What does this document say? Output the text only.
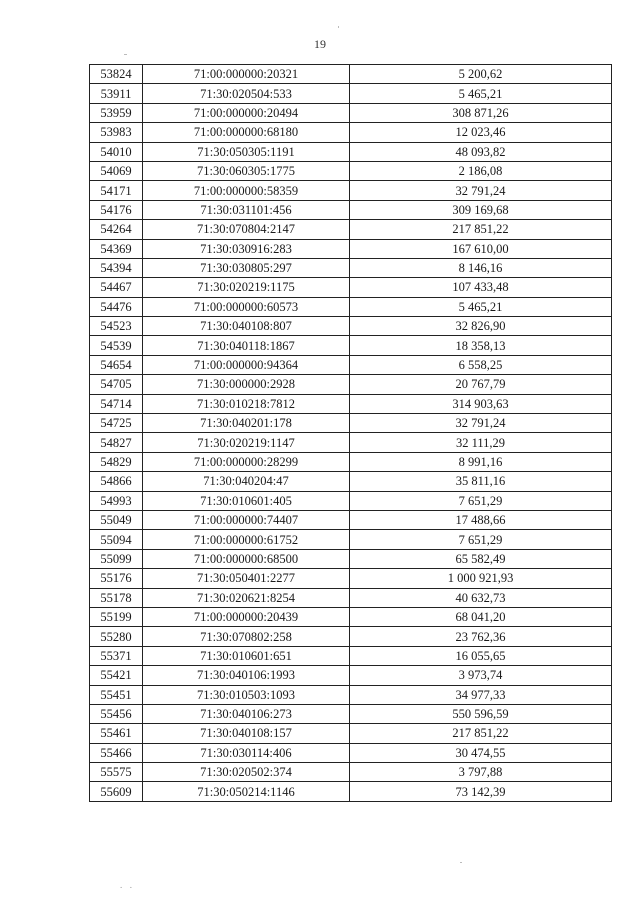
19
53824	71:00:000000:20321	5 200,62
53911	71:30:020504:533	5 465,21
53959	71:00:000000:20494	308 871,26
53983	71:00:000000:68180	12 023,46
54010	71:30:050305:1191	48 093,82
54069	71:30:060305:1775	2 186,08
54171	71:00:000000:58359	32 791,24
54176	71:30:031101:456	309 169,68
54264	71:30:070804:2147	217 851,22
54369	71:30:030916:283	167 610,00
54394	71:30:030805:297	8 146,16
54467	71:30:020219:1175	107 433,48
54476	71:00:000000:60573	5 465,21
54523	71:30:040108:807	32 826,90
54539	71:30:040118:1867	18 358,13
54654	71:00:000000:94364	6 558,25
54705	71:30:000000:2928	20 767,79
54714	71:30:010218:7812	314 903,63
54725	71:30:040201:178	32 791,24
54827	71:30:020219:1147	32 111,29
54829	71:00:000000:28299	8 991,16
54866	71:30:040204:47	35 811,16
54993	71:30:010601:405	7 651,29
55049	71:00:000000:74407	17 488,66
55094	71:00:000000:61752	7 651,29
55099	71:00:000000:68500	65 582,49
55176	71:30:050401:2277	1 000 921,93
55178	71:30:020621:8254	40 632,73
55199	71:00:000000:20439	68 041,20
55280	71:30:070802:258	23 762,36
55371	71:30:010601:651	16 055,65
55421	71:30:040106:1993	3 973,74
55451	71:30:010503:1093	34 977,33
55456	71:30:040106:273	550 596,59
55461	71:30:040108:157	217 851,22
55466	71:30:030114:406	30 474,55
55575	71:30:020502:374	3 797,88
55609	71:30:050214:1146	73 142,39
.  .
